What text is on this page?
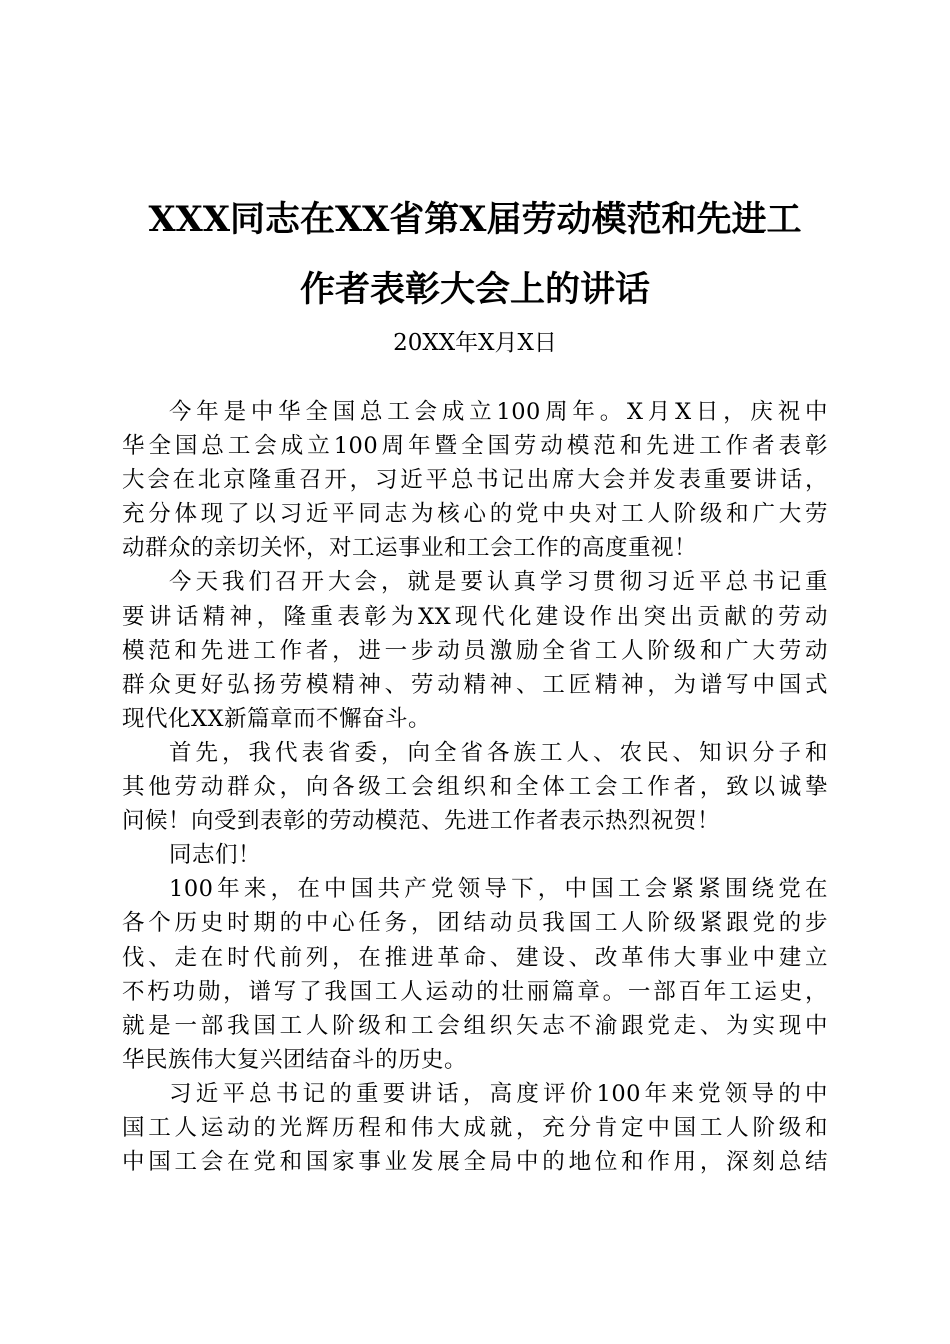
XXX同志在XX省第X届劳动模范和先进工
作者表彰大会上的讲话
20XX年X月X日
今年是中华全国总工会成立100周年。X月X日，庆祝中
华全国总工会成立100周年暨全国劳动模范和先进工作者表彰
大会在北京隆重召开，习近平总书记出席大会并发表重要讲话，
充分体现了以习近平同志为核心的党中央对工人阶级和广大劳
动群众的亲切关怀，对工运事业和工会工作的高度重视！
今天我们召开大会，就是要认真学习贯彻习近平总书记重
要讲话精神，隆重表彰为XX现代化建设作出突出贡献的劳动
模范和先进工作者，进一步动员激励全省工人阶级和广大劳动
群众更好弘扬劳模精神、劳动精神、工匠精神，为谱写中国式
现代化XX新篇章而不懈奋斗。
首先，我代表省委，向全省各族工人、农民、知识分子和
其他劳动群众，向各级工会组织和全体工会工作者，致以诚挚
问候！向受到表彰的劳动模范、先进工作者表示热烈祝贺！
同志们！
100年来，在中国共产党领导下，中国工会紧紧围绕党在
各个历史时期的中心任务，团结动员我国工人阶级紧跟党的步
伐、走在时代前列，在推进革命、建设、改革伟大事业中建立
不朽功勋，谱写了我国工人运动的壮丽篇章。一部百年工运史，
就是一部我国工人阶级和工会组织矢志不渝跟党走、为实现中
华民族伟大复兴团结奋斗的历史。
习近平总书记的重要讲话，高度评价100年来党领导的中
国工人运动的光辉历程和伟大成就，充分肯定中国工人阶级和
中国工会在党和国家事业发展全局中的地位和作用，深刻总结
